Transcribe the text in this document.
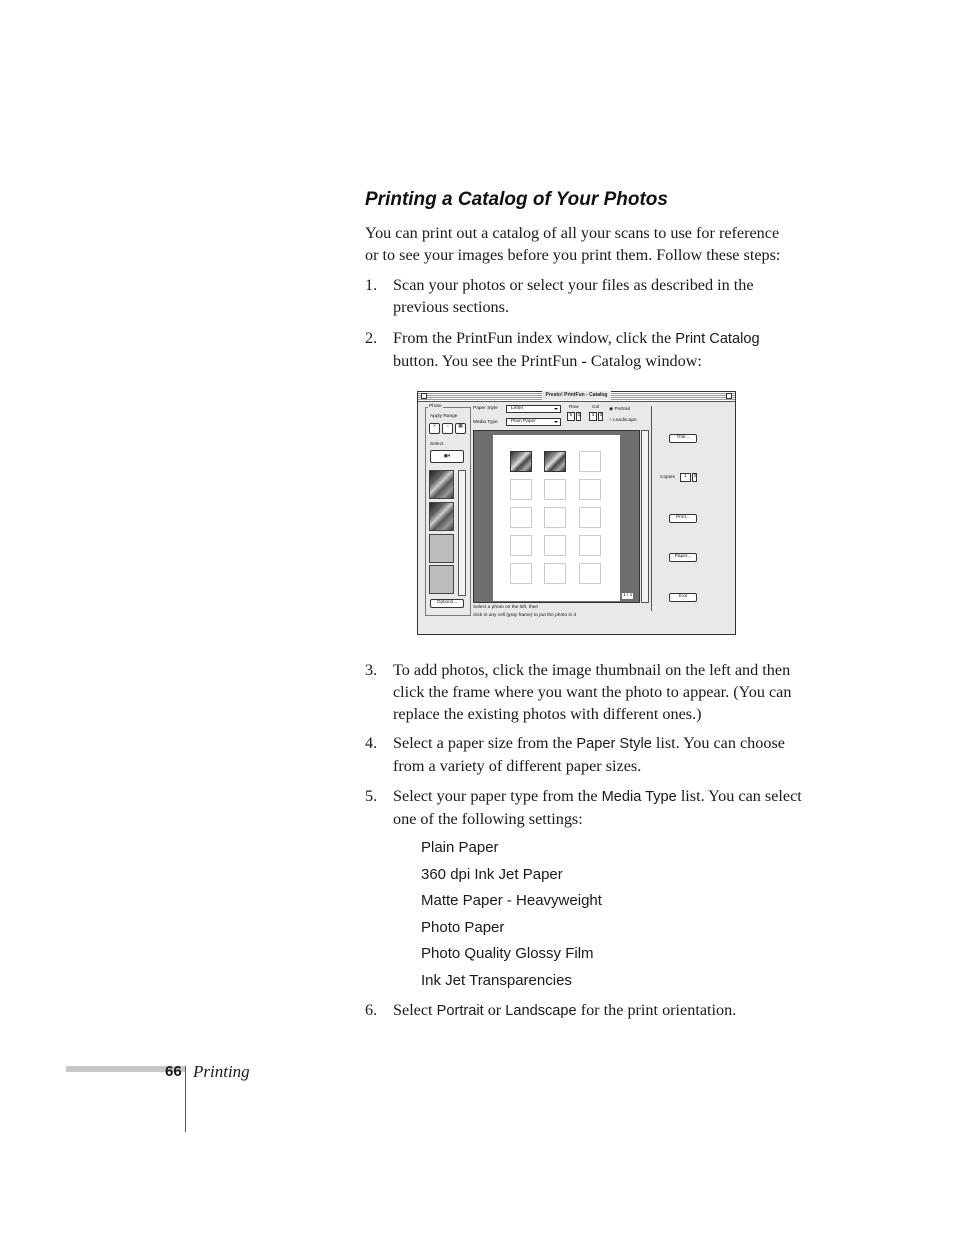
Printing a Catalog of Your Photos
You can print out a catalog of all your scans to use for reference or to see your images before you print them. Follow these steps:
1. Scan your photos or select your files as described in the previous sections.
2. From the PrintFun index window, click the Print Catalog button. You see the PrintFun - Catalog window:
Presto! PrintFun - Catalog
Photo
Apply Range
×	⇔	▦
Select
▣▾
Options...
Paper Style	Letter
Media Type	Plain Paper
Row
5 ⇕
Col
3 ⇕
◉ Portrait
○ Landscape
1 / 1
Select a photo on the left, then
click in any cell (gray frame) to put the photo in it
Title...
Copies	1	⇕
Print...
Paper...
Exit
3. To add photos, click the image thumbnail on the left and then click the frame where you want the photo to appear. (You can replace the existing photos with different ones.)
4. Select a paper size from the Paper Style list. You can choose from a variety of different paper sizes.
5. Select your paper type from the Media Type list. You can select one of the following settings:
Plain Paper
360 dpi Ink Jet Paper
Matte Paper - Heavyweight
Photo Paper
Photo Quality Glossy Film
Ink Jet Transparencies
6. Select Portrait or Landscape for the print orientation.
66 Printing
